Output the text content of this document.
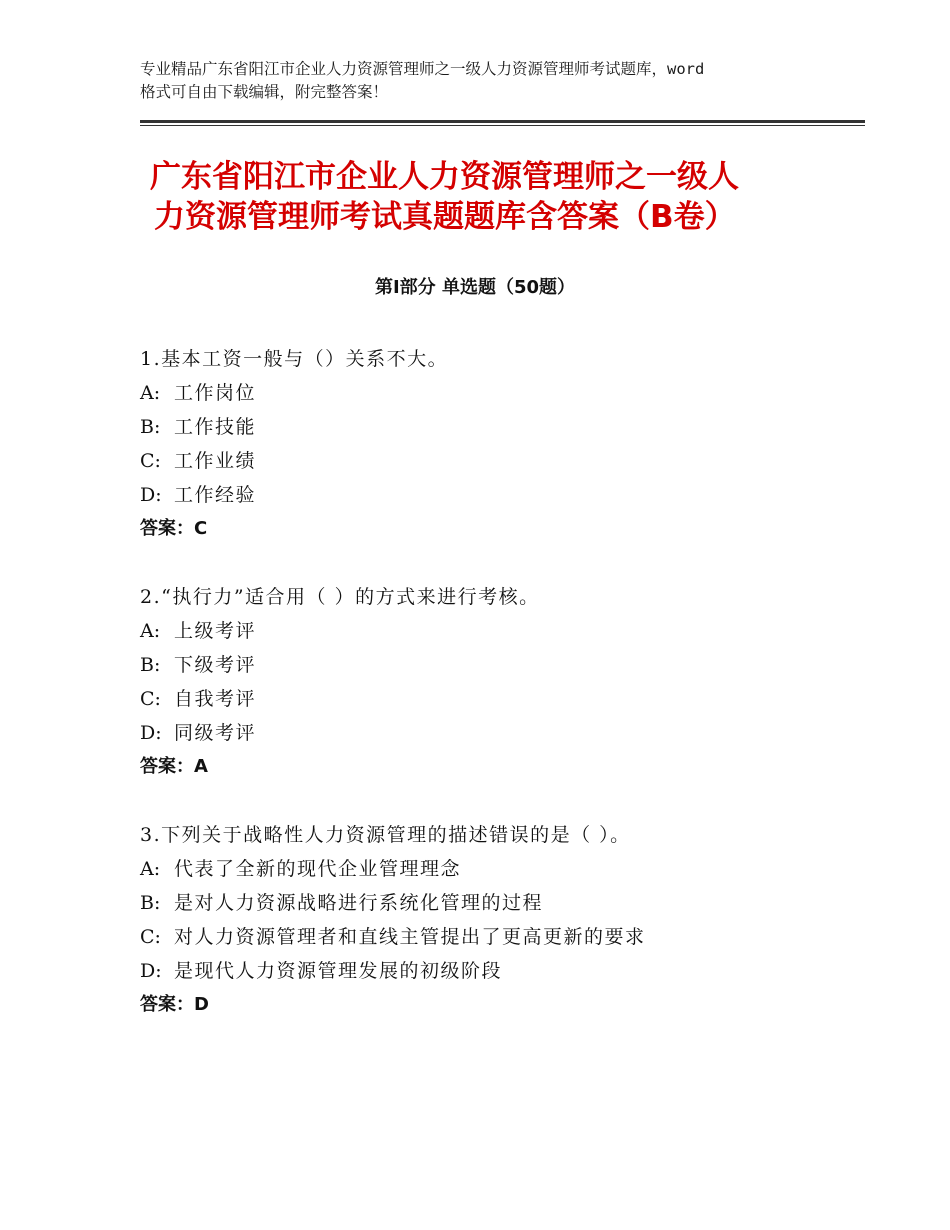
专业精品广东省阳江市企业人力资源管理师之一级人力资源管理师考试题库，word
格式可自由下载编辑，附完整答案！
广东省阳江市企业人力资源管理师之一级人
力资源管理师考试真题题库含答案（B卷）
第Ⅰ部分 单选题（50题）
1.基本工资一般与（）关系不大。
A: 工作岗位
B: 工作技能
C: 工作业绩
D: 工作经验
答案：C
2.“执行力”适合用（ ）的方式来进行考核。
A: 上级考评
B: 下级考评
C: 自我考评
D: 同级考评
答案：A
3.下列关于战略性人力资源管理的描述错误的是（ ）。
A: 代表了全新的现代企业管理理念
B: 是对人力资源战略进行系统化管理的过程
C: 对人力资源管理者和直线主管提出了更高更新的要求
D: 是现代人力资源管理发展的初级阶段
答案：D
